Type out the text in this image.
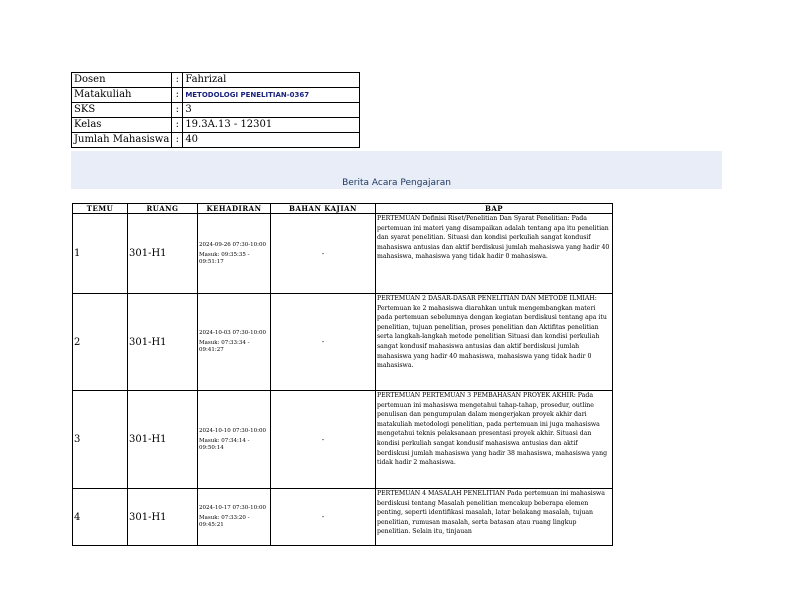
Dosen	:	Fahrizal
Matakuliah	:	METODOLOGI PENELITIAN-0367
SKS	:	3
Kelas	:	19.3A.13 - 12301
Jumlah Mahasiswa	:	40
Berita Acara Pengajaran
TEMU	RUANG	KEHADIRAN	BAHAN KAJIAN	BAP
1	301-H1	2024-09-26 07:30-10:00
Masuk: 09:35:35 - 09:51:17	-	PERTEMUAN Definisi Riset/Penelitian Dan Syarat Penelitian: Pada pertemuan ini materi yang disampaikan adalah tentang apa itu penelitian dan syarat penelitian. Situasi dan kondisi perkuliah sangat kondusif mahasiswa antusias dan aktif berdiskusi jumlah mahasiswa yang hadir 40 mahasiswa, mahasiswa yang tidak hadir 0 mahasiswa.

2	301-H1	2024-10-03 07:30-10:00
Masuk: 07:33:34 - 09:41:27	-	PERTEMUAN 2 DASAR-DASAR PENELITIAN DAN METODE ILMIAH: Pertemuan ke 2 mahasiswa diarahkan untuk mengembangkan materi pada pertemuan sebelumnya dengan kegiatan berdiskusi tentang apa itu penelitian, tujuan penelitian, proses penelitian dan Aktifitas penelitian serta langkah-langkah metode penelitian Situasi dan kondisi perkuliah sangat kondusif mahasiswa antusias dan aktif berdiskusi jumlah mahasiswa yang hadir 40 mahasiswa, mahasiswa yang tidak hadir 0 mahasiswa.

3	301-H1	2024-10-10 07:30-10:00
Masuk: 07:34:14 - 09:50:14	-	PERTEMUAN PERTEMUAN 3 PEMBAHASAN PROYEK AKHIR: Pada pertemuan ini mahasiswa mengetahui tahap-tahap, prosedur, outline penulisan dan pengumpulan dalam mengerjakan proyek akhir dari matakuliah metodologi penelitian, pada pertemuan ini juga mahasiswa mengetahui teknis pelaksanaan presentasi proyek akhir. Situasi dan kondisi perkuliah sangat kondusif mahasiswa antusias dan aktif berdiskusi jumlah mahasiswa yang hadir 38 mahasiswa, mahasiswa yang tidak hadir 2 mahasiswa.

4	301-H1	2024-10-17 07:30-10:00
Masuk: 07:33:20 - 09:45:21	-	PERTEMUAN 4 MASALAH PENELITIAN Pada pertemuan ini mahasiswa berdiskusi tentang Masalah penelitian mencakup beberapa elemen penting, seperti identifikasi masalah, latar belakang masalah, tujuan penelitian, rumusan masalah, serta batasan atau ruang lingkup penelitian. Selain itu, tinjauan
